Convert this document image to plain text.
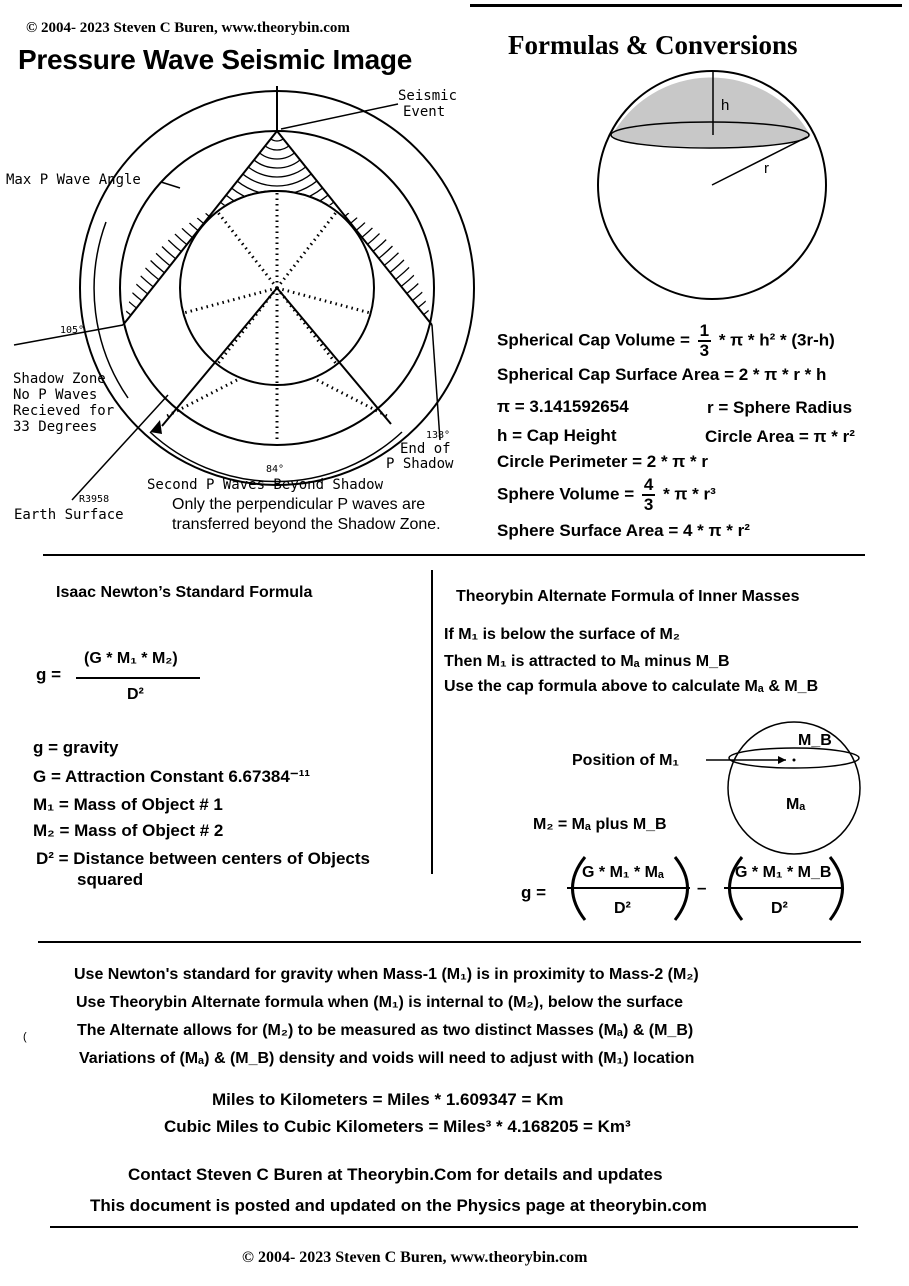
© 2004- 2023 Steven C Buren, www.theorybin.com
Pressure Wave Seismic Image
Seismic
Event
Max P Wave Angle
105°
Shadow Zone
No P Waves
Recieved for
33 Degrees
138°
End of
P Shadow
84°
Second P Waves Beyond Shadow
R3958
Earth Surface
Only the perpendicular P waves are
transferred beyond the Shadow Zone.
Formulas & Conversions
h
r
Spherical Cap Volume = $\frac{1}{3}$ * π * h² * (3r-h)
Spherical Cap Surface Area = 2 * π * r * h
π = 3.141592654	r = Sphere Radius
h = Cap Height	Circle Area = π * r²
Circle Perimeter = 2 * π * r
Sphere Volume = $\frac{4}{3}$ * π * r³
Sphere Surface Area = 4 * π * r²
Isaac Newton’s Standard Formula
g =
(G * M₁ * M₂)
D²
g = gravity
G = Attraction Constant 6.67384⁻¹¹
M₁ = Mass of Object # 1
M₂ = Mass of Object # 2
D² = Distance between centers of Objects
squared
Theorybin Alternate Formula of Inner Masses
If M₁ is below the surface of M₂
Then M₁ is attracted to Mₐ minus M_B
Use the cap formula above to calculate Mₐ & M_B
Position of M₁
M_B
Mₐ
M₂ = Mₐ plus M_B
g =
G * M₁ * Mₐ
D²
–
G * M₁ * M_B
D²
Use Newton's standard for gravity when Mass-1 (M₁) is in proximity to Mass-2 (M₂)
Use Theorybin Alternate formula when (M₁) is internal to (M₂), below the surface
The Alternate allows for (M₂) to be measured as two distinct Masses (Mₐ) & (M_B)
Variations of (Mₐ) & (M_B) density and voids will need to adjust with (M₁) location
(
Miles to Kilometers = Miles * 1.609347 = Km
Cubic Miles to Cubic Kilometers = Miles³ * 4.168205 = Km³
Contact Steven C Buren at Theorybin.Com for details and updates
This document is posted and updated on the Physics page at theorybin.com
© 2004- 2023 Steven C Buren, www.theorybin.com
